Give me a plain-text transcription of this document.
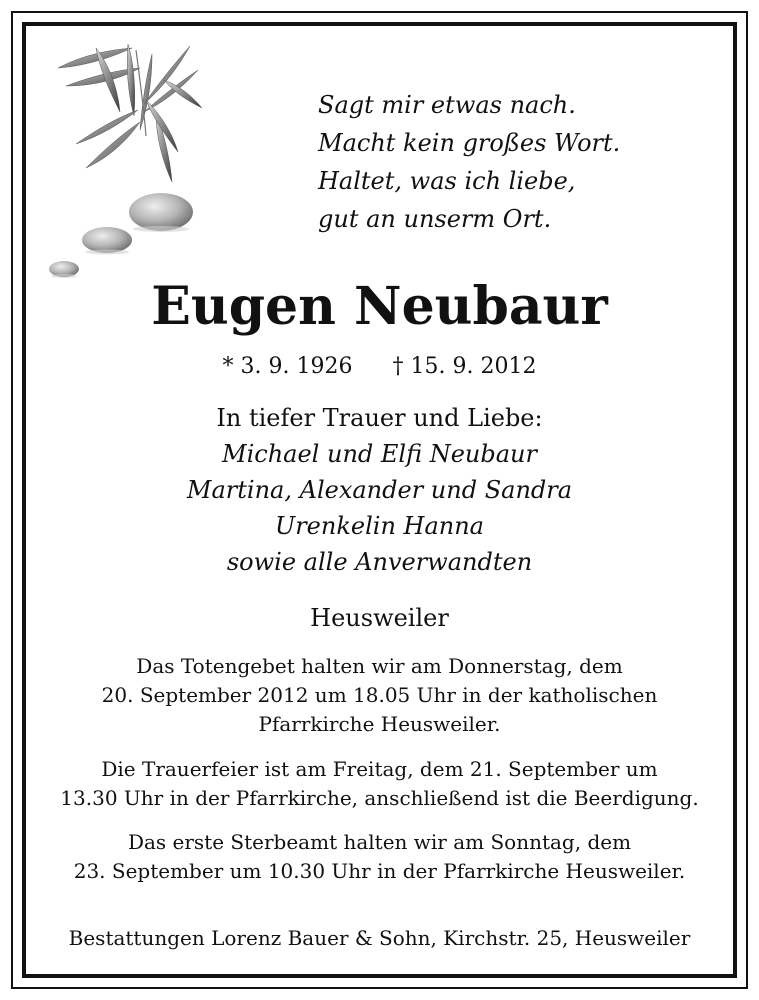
Sagt mir etwas nach.
Macht kein großes Wort.
Haltet, was ich liebe,
gut an unserm Ort.
Eugen Neubaur
* 3. 9. 1926 † 15. 9. 2012
In tiefer Trauer und Liebe:
Michael und Elfi Neubaur
Martina, Alexander und Sandra
Urenkelin Hanna
sowie alle Anverwandten
Heusweiler
Das Totengebet halten wir am Donnerstag, dem
20. September 2012 um 18.05 Uhr in der katholischen
Pfarrkirche Heusweiler.
Die Trauerfeier ist am Freitag, dem 21. September um
13.30 Uhr in der Pfarrkirche, anschließend ist die Beerdigung.
Das erste Sterbeamt halten wir am Sonntag, dem
23. September um 10.30 Uhr in der Pfarrkirche Heusweiler.
Bestattungen Lorenz Bauer & Sohn, Kirchstr. 25, Heusweiler
